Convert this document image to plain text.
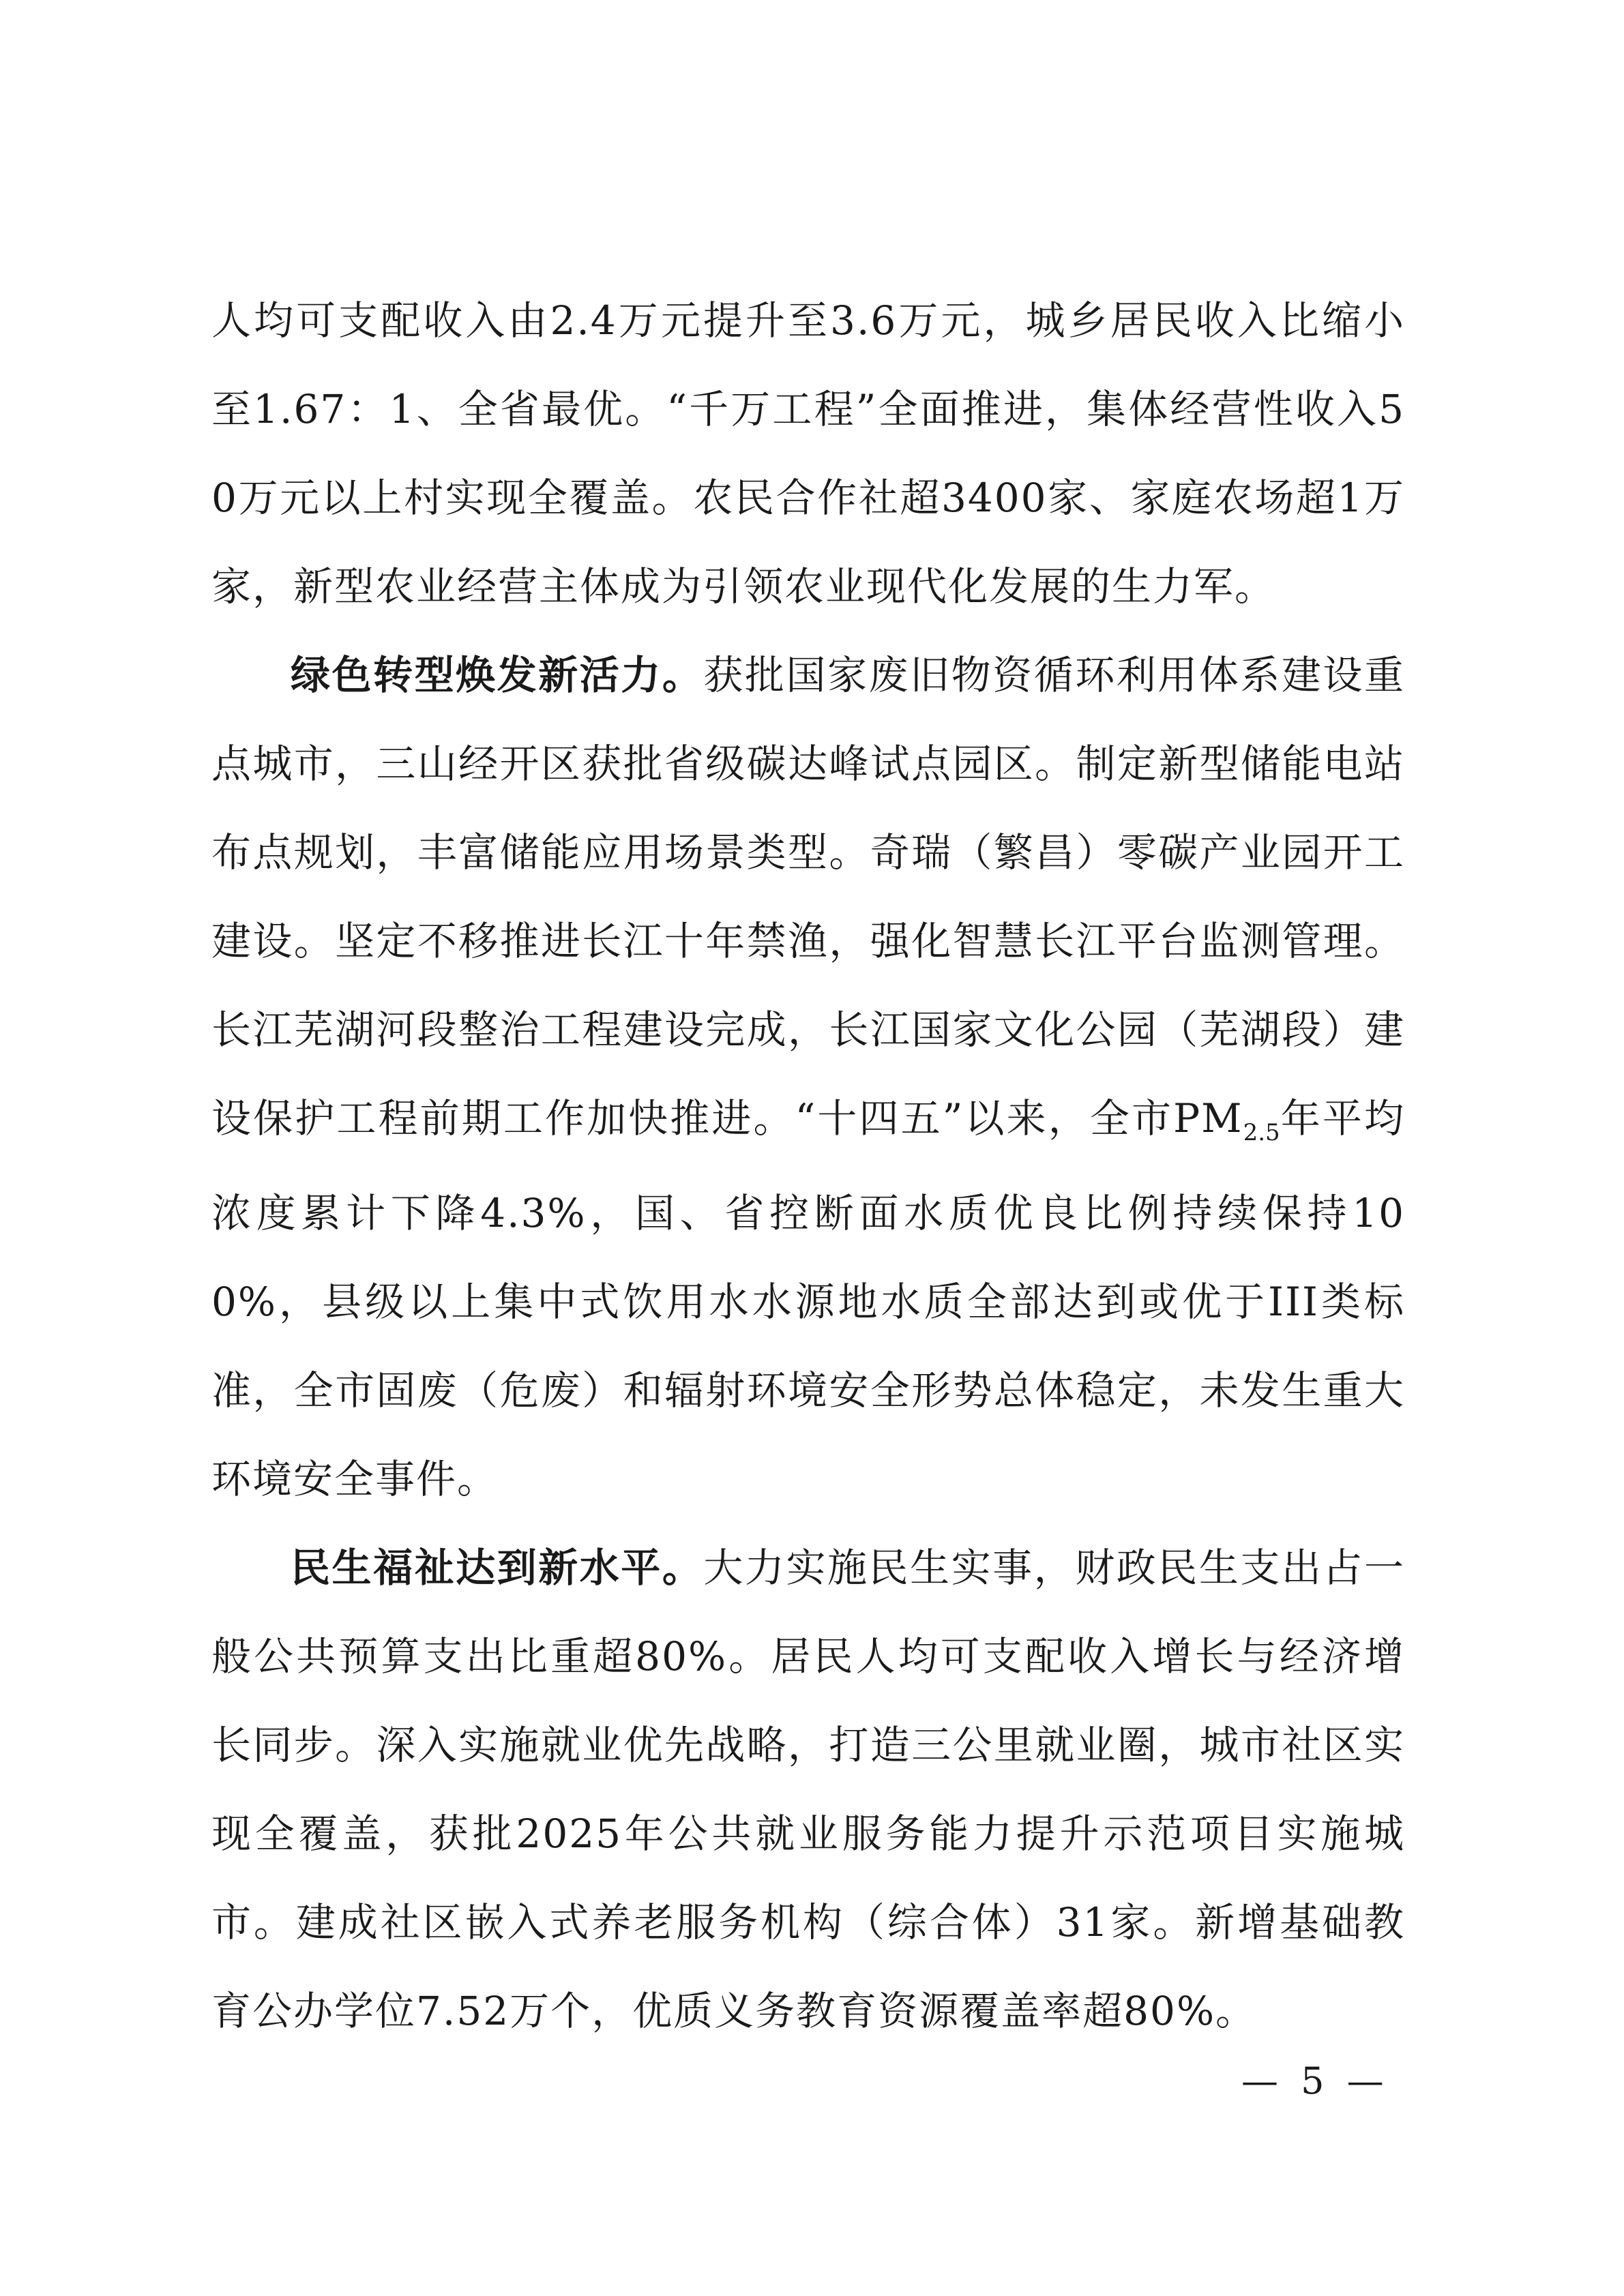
人均可支配收入由2.4万元提升至3.6万元，城乡居民收入比缩小至1.67：1、全省最优。“千万工程”全面推进，集体经营性收入50万元以上村实现全覆盖。农民合作社超3400家、家庭农场超1万家，新型农业经营主体成为引领农业现代化发展的生力军。

绿色转型焕发新活力。获批国家废旧物资循环利用体系建设重点城市，三山经开区获批省级碳达峰试点园区。制定新型储能电站布点规划，丰富储能应用场景类型。奇瑞（繁昌）零碳产业园开工建设。坚定不移推进长江十年禁渔，强化智慧长江平台监测管理。长江芜湖河段整治工程建设完成，长江国家文化公园（芜湖段）建设保护工程前期工作加快推进。“十四五”以来，全市$PM_{2.5}$年平均浓度累计下降4.3%，国、省控断面水质优良比例持续保持100%，县级以上集中式饮用水水源地水质全部达到或优于III类标准，全市固废（危废）和辐射环境安全形势总体稳定，未发生重大环境安全事件。

民生福祉达到新水平。大力实施民生实事，财政民生支出占一般公共预算支出比重超80%。居民人均可支配收入增长与经济增长同步。深入实施就业优先战略，打造三公里就业圈，城市社区实现全覆盖，获批2025年公共就业服务能力提升示范项目实施城市。建成社区嵌入式养老服务机构（综合体）31家。新增基础教育公办学位7.52万个，优质义务教育资源覆盖率超80%。

— 5 —
